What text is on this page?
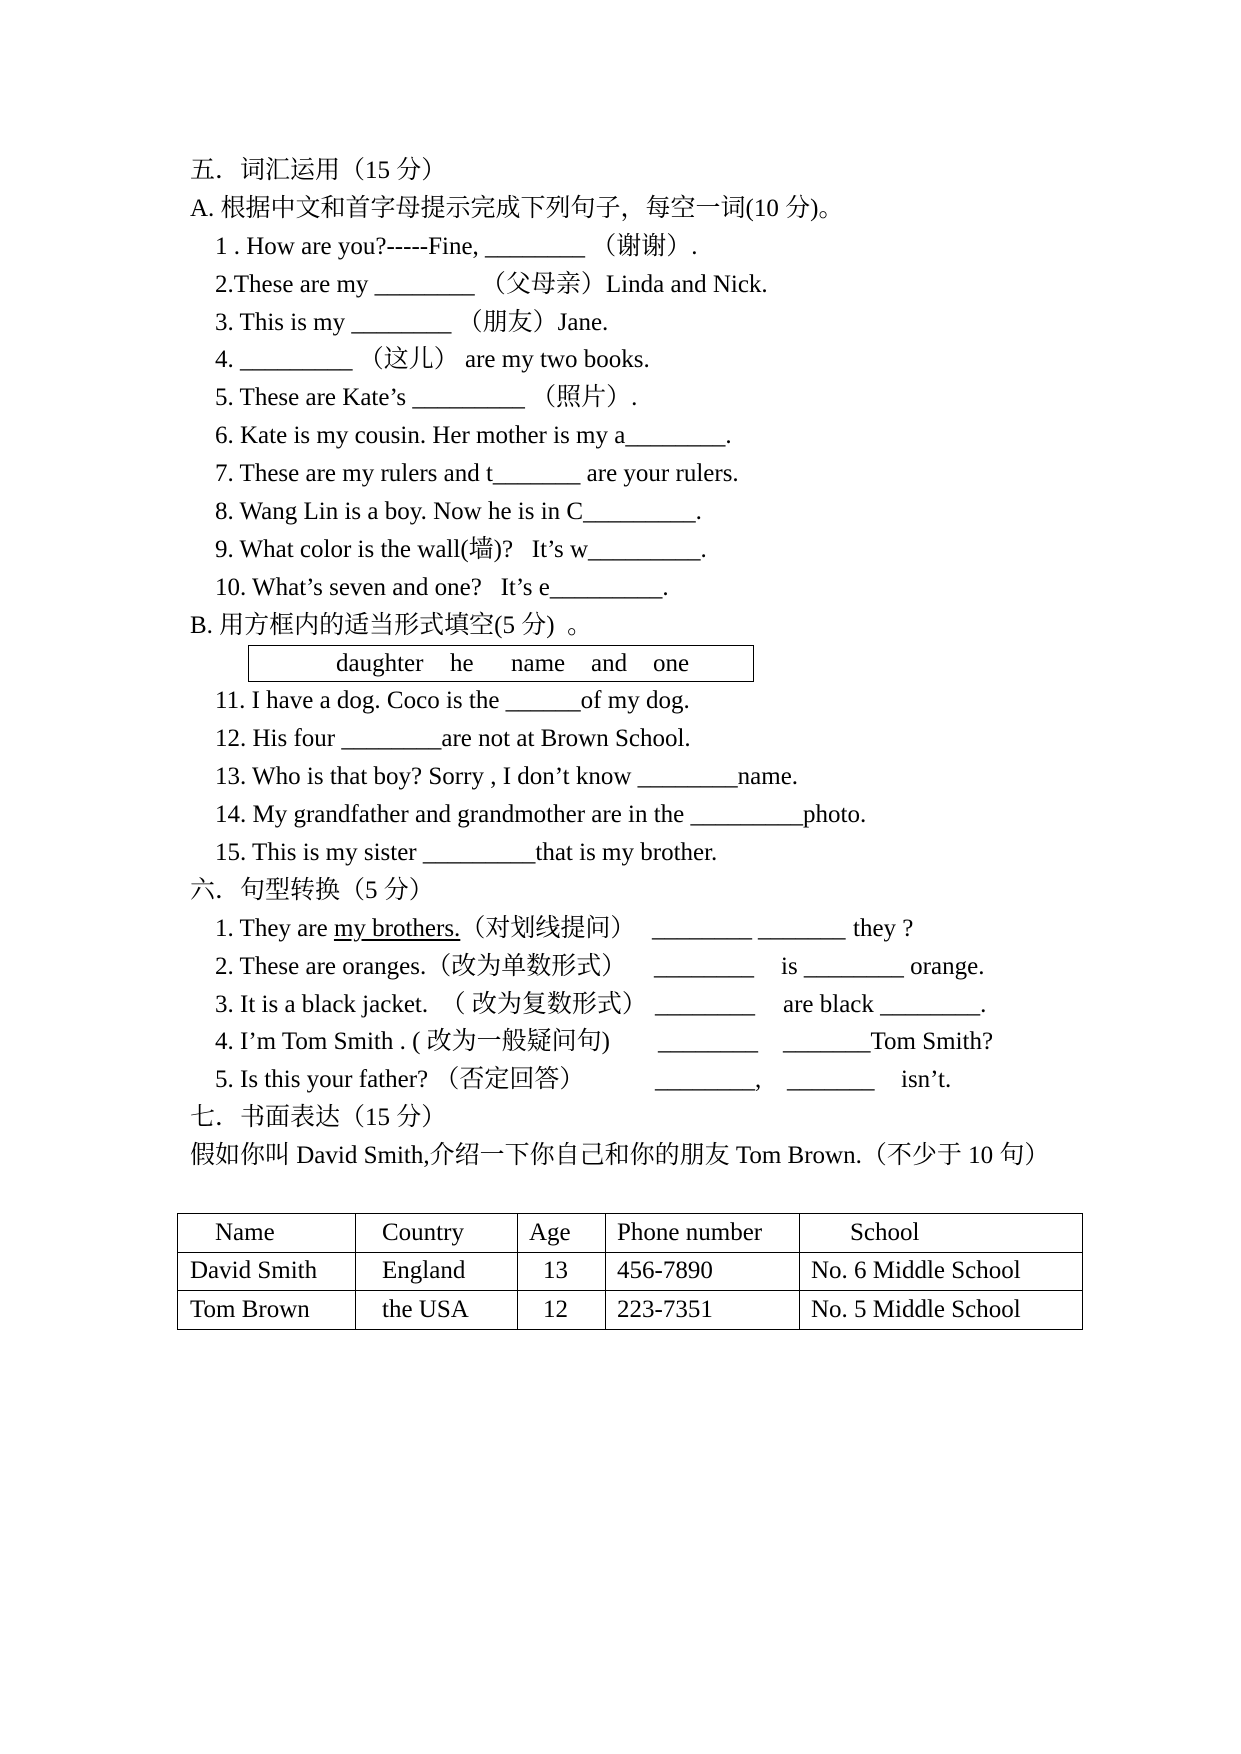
五．词汇运用（15 分）
A. 根据中文和首字母提示完成下列句子，每空一词(10 分)。
1 . How are you?-----Fine, ________ （谢谢）.
2.These are my ________ （父母亲）Linda and Nick.
3. This is my ________ （朋友）Jane.
4. _________ （这儿） are my two books.
5. These are Kate’s _________ （照片）.
6. Kate is my cousin. Her mother is my a________.
7. These are my rulers and t_______ are your rulers.
8. Wang Lin is a boy. Now he is in C_________.
9. What color is the wall(墙)?   It’s w_________.
10. What’s seven and one?   It’s e_________.
B. 用方框内的适当形式填空(5 分)  。
daughter he name and one
11. I have a dog. Coco is the ______of my dog.
12. His four ________are not at Brown School.
13. Who is that boy? Sorry , I don’t know ________name.
14. My grandfather and grandmother are in the _________photo.
15. This is my sister _________that is my brother.
六．句型转换（5 分）
1. They are my brothers.（对划线提问） ________ _______ they ?
2. These are oranges.（改为单数形式） ________ is ________ orange.
3. It is a black jacket.  （ 改为复数形式） ________ are black ________.
4. I’m Tom Smith . ( 改为一般疑问句) ________ _______Tom Smith?
5. Is this your father? （否定回答）	________, _______ isn’t.
七．书面表达（15 分）
假如你叫 David Smith,介绍一下你自己和你的朋友 Tom Brown.（不少于 10 句）
Name	Country	Age	Phone number	School
David Smith	England	13	456-7890	No. 6 Middle School
Tom Brown	the USA	12	223-7351	No. 5 Middle School
